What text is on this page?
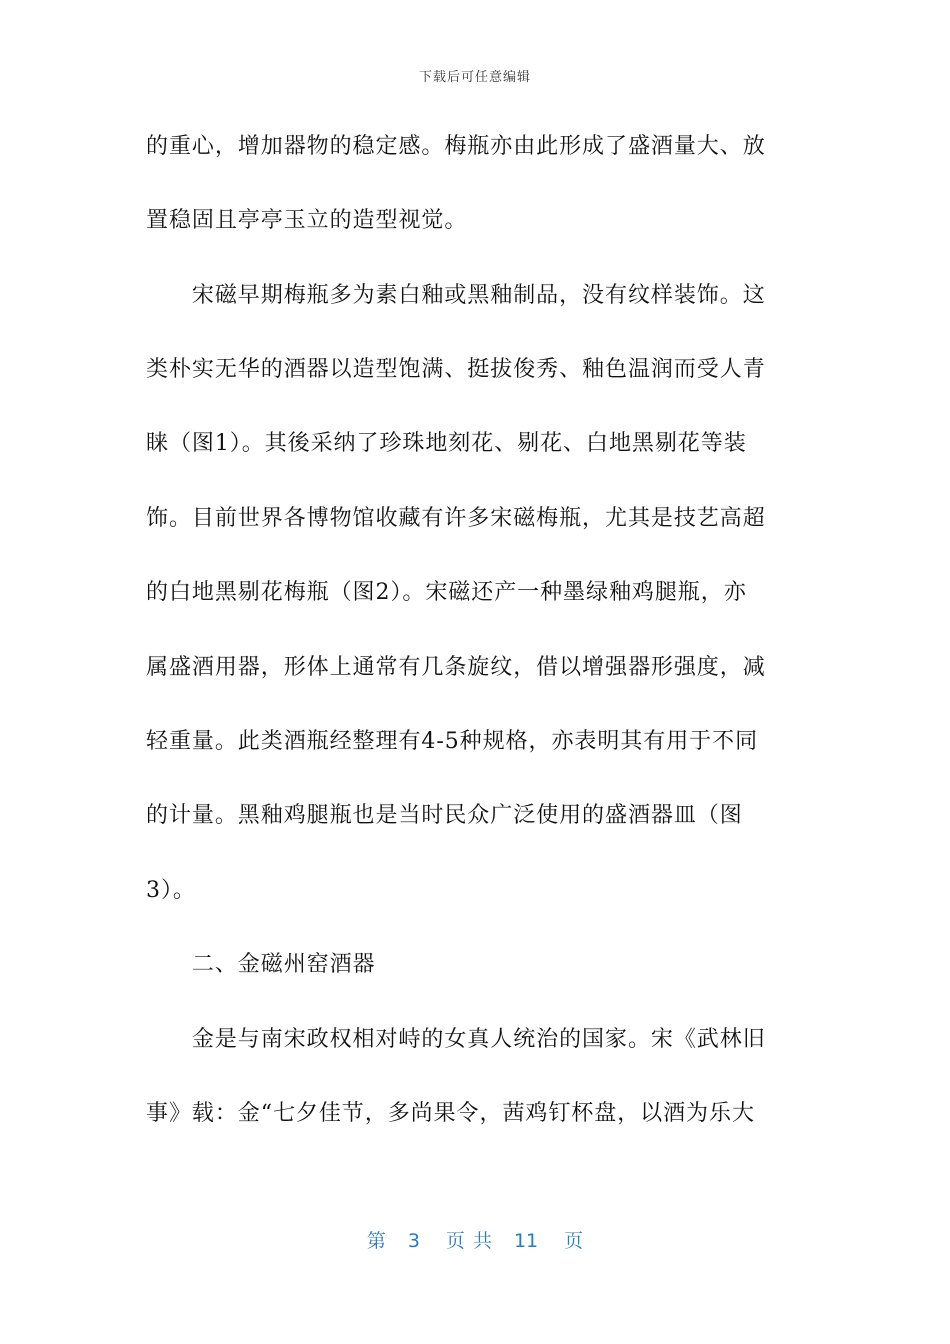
下载后可任意编辑
的重心，增加器物的稳定感。梅瓶亦由此形成了盛酒量大、放
置稳固且亭亭玉立的造型视觉。
　　宋磁早期梅瓶多为素白釉或黑釉制品，没有纹样装饰。这
类朴实无华的酒器以造型饱满、挺拔俊秀、釉色温润而受人青
睐（图1）。其後采纳了珍珠地刻花、剔花、白地黑剔花等装
饰。目前世界各博物馆收藏有许多宋磁梅瓶，尤其是技艺高超
的白地黑剔花梅瓶（图2）。宋磁还产一种墨绿釉鸡腿瓶，亦
属盛酒用器，形体上通常有几条旋纹，借以增强器形强度，减
轻重量。此类酒瓶经整理有4-5种规格，亦表明其有用于不同
的计量。黑釉鸡腿瓶也是当时民众广泛使用的盛酒器皿（图
3）。
　　二、金磁州窑酒器
　　金是与南宋政权相对峙的女真人统治的国家。宋《武林旧
事》载：金“七夕佳节，多尚果令，茜鸡钉杯盘，以酒为乐大
第 3 页 共 11 页
